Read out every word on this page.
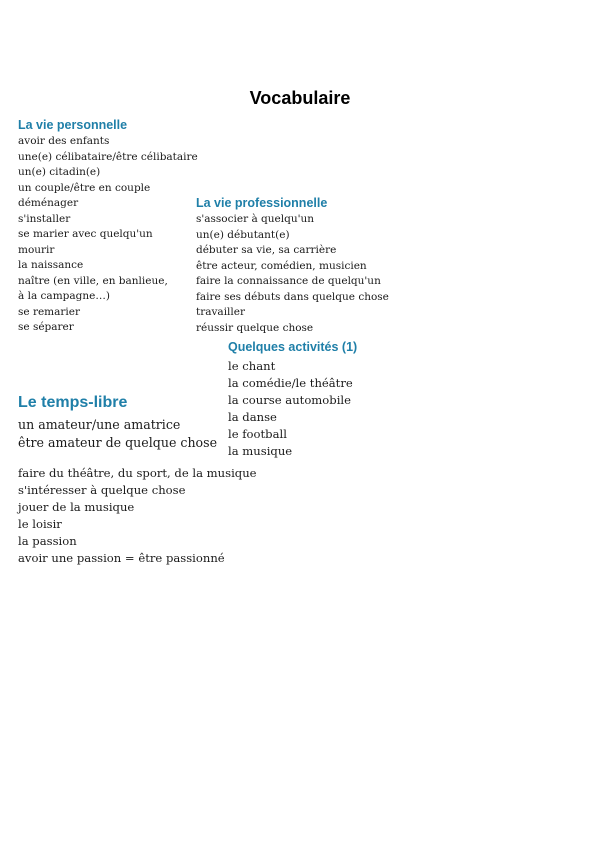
Vocabulaire
La vie personnelle
avoir des enfants
une(e) célibataire/être célibataire
un(e) citadin(e)
un couple/être en couple
déménager
s'installer
se marier avec quelqu'un
mourir
la naissance
naître (en ville, en banlieue,
à la campagne…)
se remarier
se séparer
La vie professionnelle
s'associer à quelqu'un
un(e) débutant(e)
débuter sa vie, sa carrière
être acteur, comédien, musicien
faire la connaissance de quelqu'un
faire ses débuts dans quelque chose
travailler
réussir quelque chose
Quelques activités (1)
le chant
la comédie/le théâtre
la course automobile
la danse
le football
la musique
Le temps-libre
un amateur/une amatrice
être amateur de quelque chose
faire du théâtre, du sport, de la musique
s'intéresser à quelque chose
jouer de la musique
le loisir
la passion
avoir une passion = être passionné
